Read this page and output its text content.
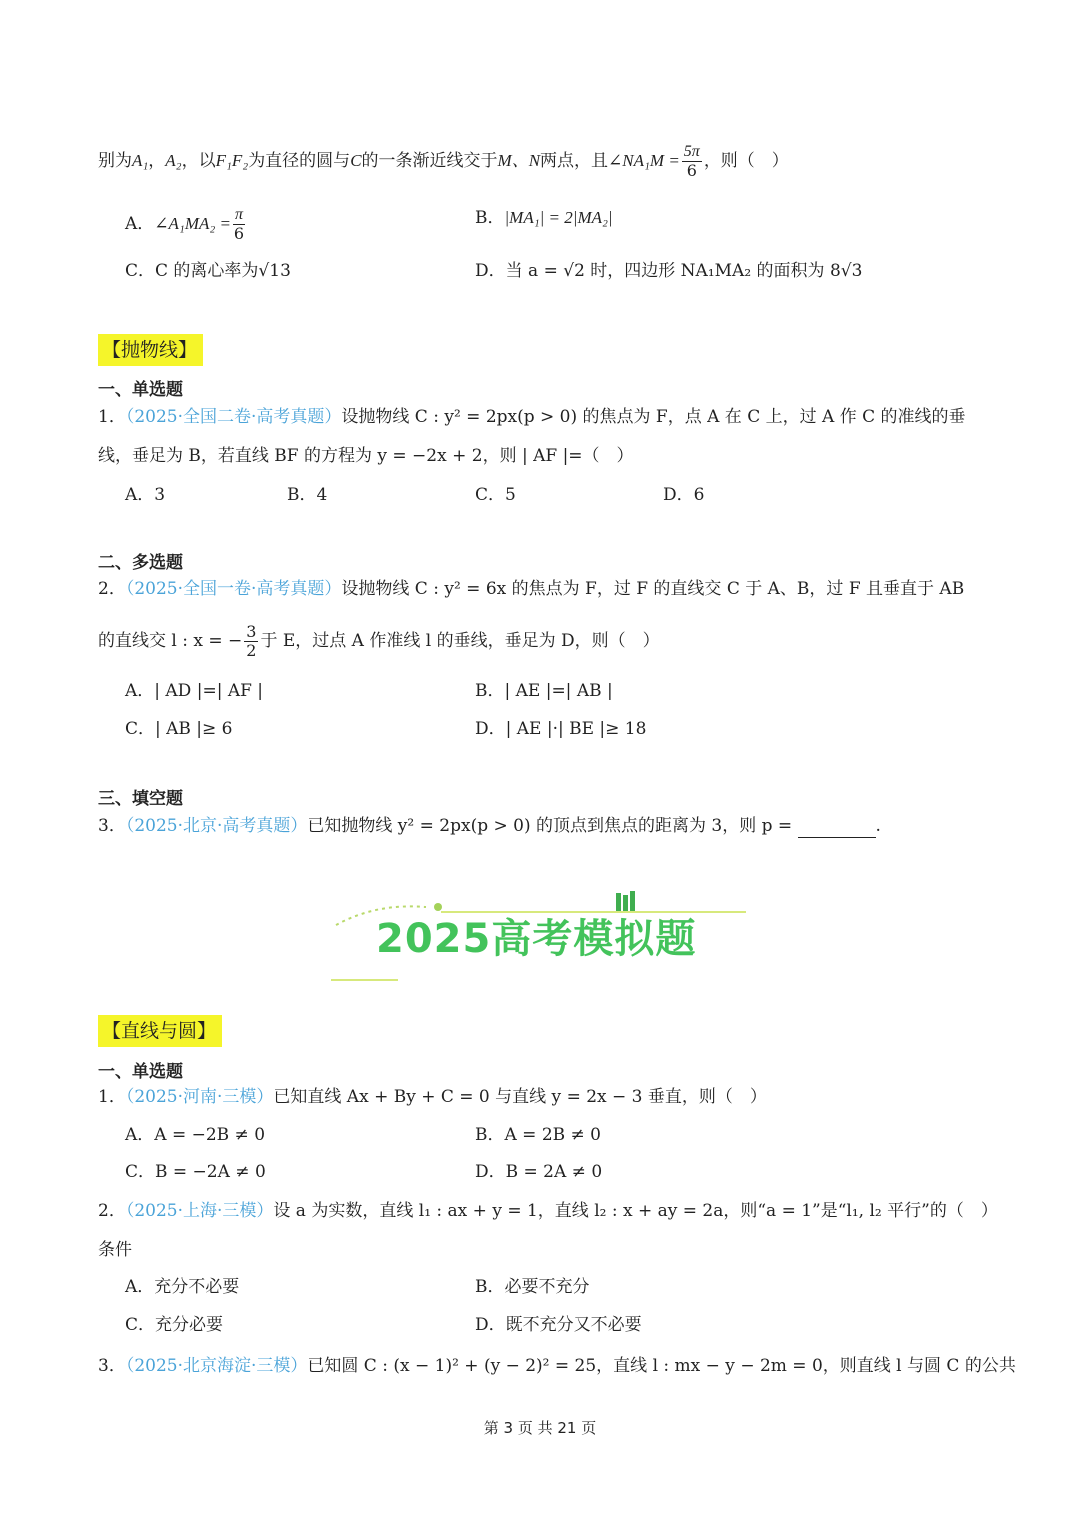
别为A₁，A₂，以F₁F₂为直径的圆与C的一条渐近线交于M、N两点，且∠NA₁M = $\frac{5\pi}{6}$ ，则（　）
A．∠A₁MA₂ = $\frac{\pi}{6}$	B．|MA₁| = 2|MA₂|
C．C 的离心率为√13	D．当 a = √2 时，四边形 NA₁MA₂ 的面积为 8√3
【抛物线】
一、单选题
1．（2025·全国二卷·高考真题）设抛物线 C : y² = 2px(p > 0) 的焦点为 F，点 A 在 C 上，过 A 作 C 的准线的垂
线，垂足为 B，若直线 BF 的方程为 y = −2x + 2，则 | AF |=（　）
A．3	B．4	C．5	D．6
二、多选题
2．（2025·全国一卷·高考真题）设抛物线 C : y² = 6x 的焦点为 F，过 F 的直线交 C 于 A、B，过 F 且垂直于 AB
的直线交 l : x = − $\frac{3}{2}$ 于 E，过点 A 作准线 l 的垂线，垂足为 D，则（　）
A．| AD |=| AF |	B．| AE |=| AB |
C．| AB |≥ 6	D．| AE |·| BE |≥ 18
三、填空题
3．（2025·北京·高考真题）已知抛物线 y² = 2px(p > 0) 的顶点到焦点的距离为 3，则 p =	.
2025高考模拟题
【直线与圆】
一、单选题
1．（2025·河南·三模）已知直线 Ax + By + C = 0 与直线 y = 2x − 3 垂直，则（　）
A．A = −2B ≠ 0	B．A = 2B ≠ 0
C．B = −2A ≠ 0	D．B = 2A ≠ 0
2．（2025·上海·三模）设 a 为实数，直线 l₁ : ax + y = 1，直线 l₂ : x + ay = 2a，则“a = 1”是“l₁, l₂ 平行”的（　）
条件
A．充分不必要	B．必要不充分
C．充分必要	D．既不充分又不必要
3．（2025·北京海淀·三模）已知圆 C : (x − 1)² + (y − 2)² = 25，直线 l : mx − y − 2m = 0，则直线 l 与圆 C 的公共
第 3 页 共 21 页
